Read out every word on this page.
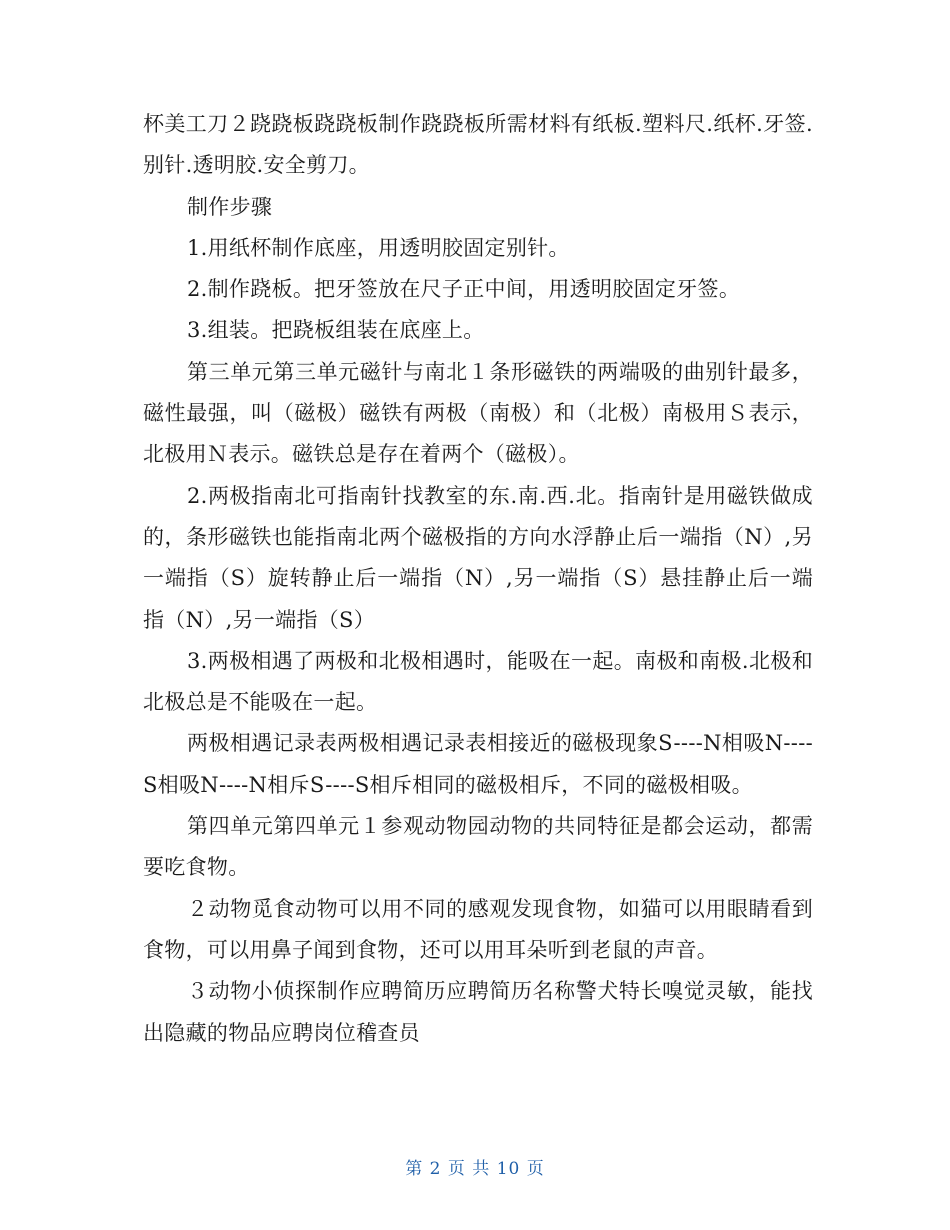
杯美工刀２跷跷板跷跷板制作跷跷板所需材料有纸板.塑料尺.纸杯.牙签.别针.透明胶.安全剪刀。

制作步骤

1.用纸杯制作底座，用透明胶固定别针。

2.制作跷板。把牙签放在尺子正中间，用透明胶固定牙签。

3.组装。把跷板组装在底座上。

第三单元第三单元磁针与南北１条形磁铁的两端吸的曲别针最多，磁性最强，叫（磁极）磁铁有两极（南极）和（北极）南极用Ｓ表示，北极用Ｎ表示。磁铁总是存在着两个（磁极）。

2.两极指南北可指南针找教室的东.南.西.北。指南针是用磁铁做成的，条形磁铁也能指南北两个磁极指的方向水浮静止后一端指（N）,另一端指（S）旋转静止后一端指（N）,另一端指（S）悬挂静止后一端指（N）,另一端指（S）

3.两极相遇了两极和北极相遇时，能吸在一起。南极和南极.北极和北极总是不能吸在一起。

两极相遇记录表两极相遇记录表相接近的磁极现象S----N相吸N----S相吸N----N相斥S----S相斥相同的磁极相斥，不同的磁极相吸。

第四单元第四单元１参观动物园动物的共同特征是都会运动，都需要吃食物。

２动物觅食动物可以用不同的感观发现食物，如猫可以用眼睛看到食物，可以用鼻子闻到食物，还可以用耳朵听到老鼠的声音。

３动物小侦探制作应聘简历应聘简历名称警犬特长嗅觉灵敏，能找出隐藏的物品应聘岗位稽查员

第 2 页 共 10 页
